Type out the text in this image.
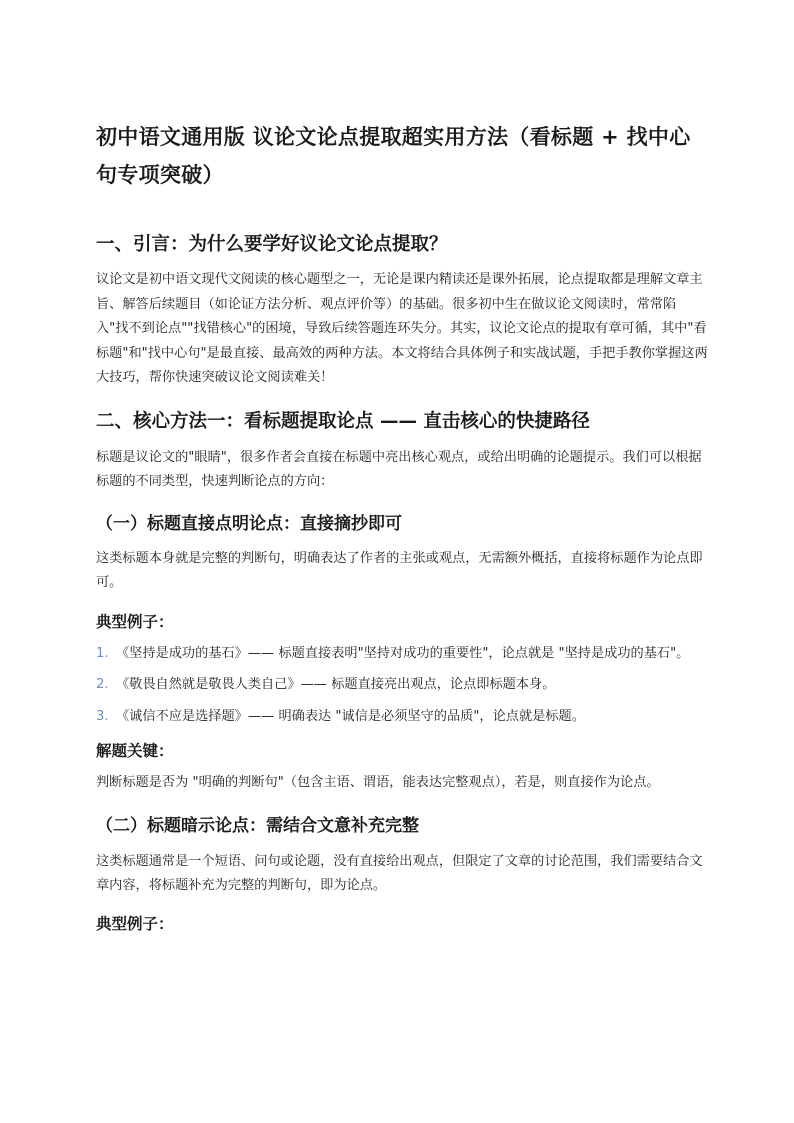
初中语文通用版 议论文论点提取超实用方法（看标题 + 找中心句专项突破）
一、引言：为什么要学好议论文论点提取？

议论文是初中语文现代文阅读的核心题型之一，无论是课内精读还是课外拓展，论点提取都是理解文章主旨、解答后续题目（如论证方法分析、观点评价等）的基础。很多初中生在做议论文阅读时，常常陷入"找不到论点""找错核心"的困境，导致后续答题连环失分。其实，议论文论点的提取有章可循，其中"看标题"和"找中心句"是最直接、最高效的两种方法。本文将结合具体例子和实战试题，手把手教你掌握这两大技巧，帮你快速突破议论文阅读难关！

二、核心方法一：看标题提取论点 —— 直击核心的快捷路径

标题是议论文的"眼睛"，很多作者会直接在标题中亮出核心观点，或给出明确的论题提示。我们可以根据标题的不同类型，快速判断论点的方向：

（一）标题直接点明论点：直接摘抄即可

这类标题本身就是完整的判断句，明确表达了作者的主张或观点，无需额外概括，直接将标题作为论点即可。

典型例子：
1. 《坚持是成功的基石》—— 标题直接表明"坚持对成功的重要性"，论点就是 "坚持是成功的基石"。
2. 《敬畏自然就是敬畏人类自己》—— 标题直接亮出观点，论点即标题本身。
3. 《诚信不应是选择题》—— 明确表达 "诚信是必须坚守的品质"，论点就是标题。
解题关键：

判断标题是否为 "明确的判断句"（包含主语、谓语，能表达完整观点），若是，则直接作为论点。

（二）标题暗示论点：需结合文意补充完整

这类标题通常是一个短语、问句或论题，没有直接给出观点，但限定了文章的讨论范围，我们需要结合文章内容，将标题补充为完整的判断句，即为论点。

典型例子：
